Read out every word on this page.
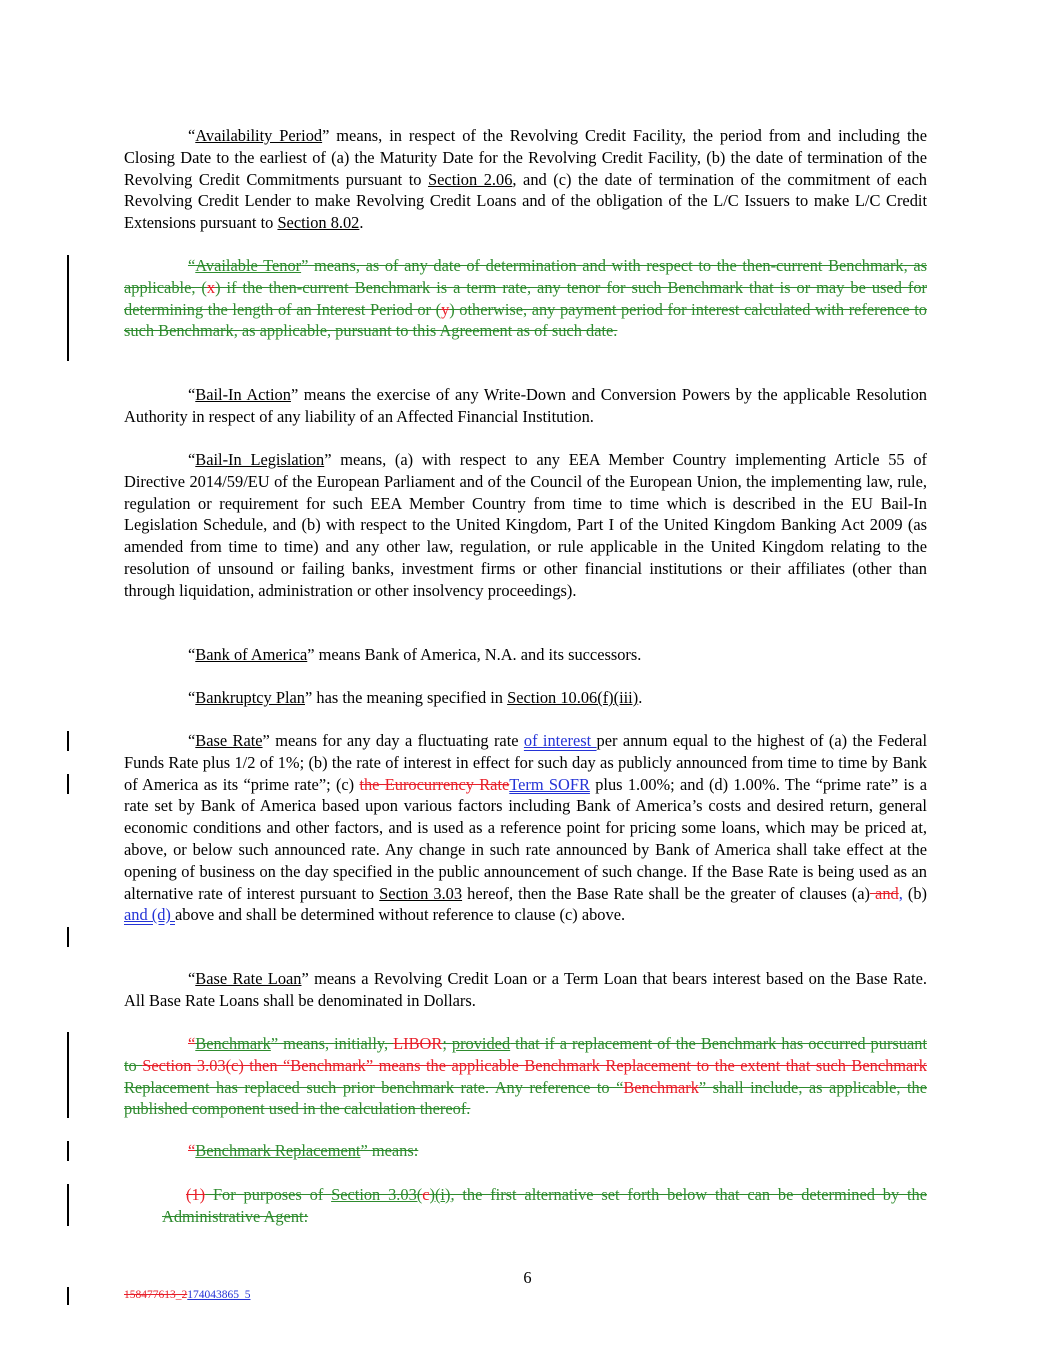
“Availability Period” means, in respect of the Revolving Credit Facility, the period from and including the Closing Date to the earliest of (a) the Maturity Date for the Revolving Credit Facility, (b) the date of termination of the Revolving Credit Commitments pursuant to Section 2.06, and (c) the date of termination of the commitment of each Revolving Credit Lender to make Revolving Credit Loans and of the obligation of the L/C Issuers to make L/C Credit Extensions pursuant to Section 8.02.

“Available Tenor” means, as of any date of determination and with respect to the then-current Benchmark, as applicable, (x) if the then-current Benchmark is a term rate, any tenor for such Benchmark that is or may be used for determining the length of an Interest Period or (y) otherwise, any payment period for interest calculated with reference to such Benchmark, as applicable, pursuant to this Agreement as of such date.

“Bail-In Action” means the exercise of any Write-Down and Conversion Powers by the applicable Resolution Authority in respect of any liability of an Affected Financial Institution.

“Bail-In Legislation” means, (a) with respect to any EEA Member Country implementing Article 55 of Directive 2014/59/EU of the European Parliament and of the Council of the European Union, the implementing law, rule, regulation or requirement for such EEA Member Country from time to time which is described in the EU Bail-In Legislation Schedule, and (b) with respect to the United Kingdom, Part I of the United Kingdom Banking Act 2009 (as amended from time to time) and any other law, regulation, or rule applicable in the United Kingdom relating to the resolution of unsound or failing banks, investment firms or other financial institutions or their affiliates (other than through liquidation, administration or other insolvency proceedings).

“Bank of America” means Bank of America, N.A. and its successors.

“Bankruptcy Plan” has the meaning specified in Section 10.06(f)(iii).

“Base Rate” means for any day a fluctuating rate of interest per annum equal to the highest of (a) the Federal Funds Rate plus 1/2 of 1%; (b) the rate of interest in effect for such day as publicly announced from time to time by Bank of America as its “prime rate”; (c) the Eurocurrency RateTerm SOFR plus 1.00%; and (d) 1.00%. The “prime rate” is a rate set by Bank of America based upon various factors including Bank of America’s costs and desired return, general economic conditions and other factors, and is used as a reference point for pricing some loans, which may be priced at, above, or below such announced rate. Any change in such rate announced by Bank of America shall take effect at the opening of business on the day specified in the public announcement of such change. If the Base Rate is being used as an alternative rate of interest pursuant to Section 3.03 hereof, then the Base Rate shall be the greater of clauses (a) and, (b) and (d) above and shall be determined without reference to clause (c) above.

“Base Rate Loan” means a Revolving Credit Loan or a Term Loan that bears interest based on the Base Rate. All Base Rate Loans shall be denominated in Dollars.

“Benchmark” means, initially, LIBOR; provided that if a replacement of the Benchmark has occurred pursuant to Section 3.03(c) then “Benchmark” means the applicable Benchmark Replacement to the extent that such Benchmark Replacement has replaced such prior benchmark rate. Any reference to “Benchmark” shall include, as applicable, the published component used in the calculation thereof.

“Benchmark Replacement” means:

(1) For purposes of Section 3.03(c)(i), the first alternative set forth below that can be determined by the Administrative Agent:

6
158477613_2174043865_5
